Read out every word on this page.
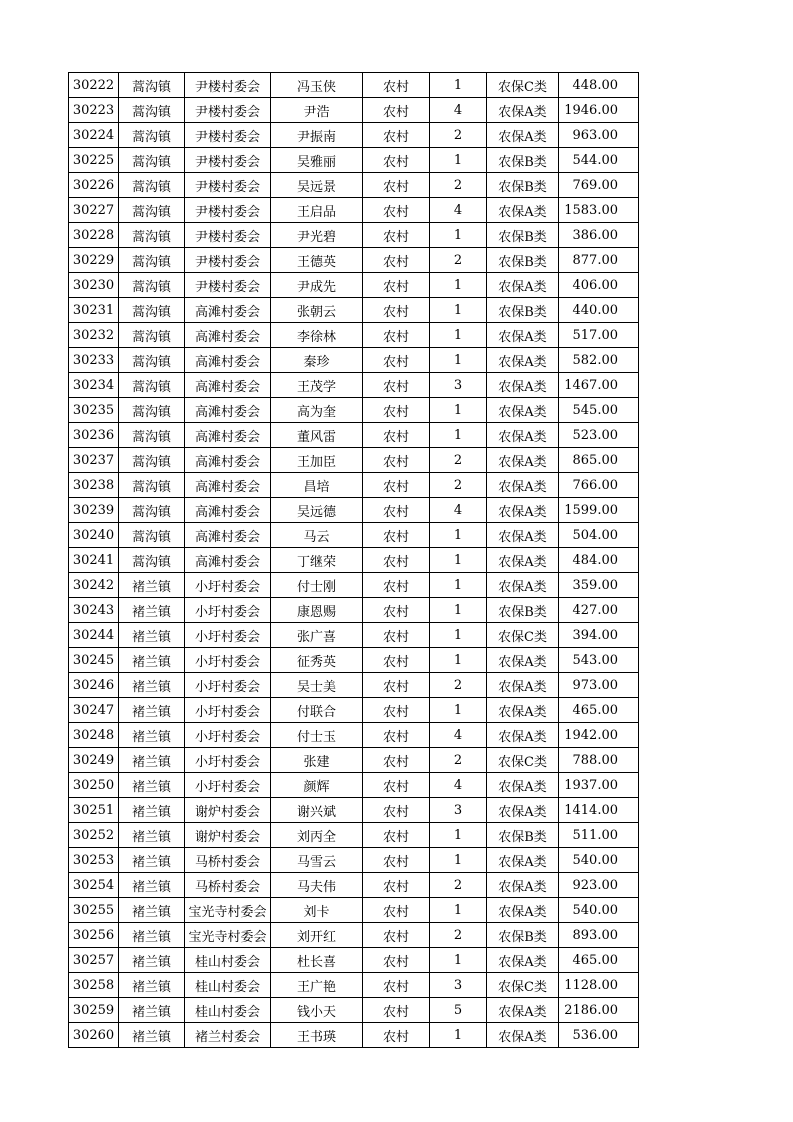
30222	蒿沟镇	尹楼村委会	冯玉侠	农村	1	农保C类	448.00
30223	蒿沟镇	尹楼村委会	尹浩	农村	4	农保A类	1946.00
30224	蒿沟镇	尹楼村委会	尹振南	农村	2	农保A类	963.00
30225	蒿沟镇	尹楼村委会	吴雅丽	农村	1	农保B类	544.00
30226	蒿沟镇	尹楼村委会	吴远景	农村	2	农保B类	769.00
30227	蒿沟镇	尹楼村委会	王启品	农村	4	农保A类	1583.00
30228	蒿沟镇	尹楼村委会	尹光碧	农村	1	农保B类	386.00
30229	蒿沟镇	尹楼村委会	王德英	农村	2	农保B类	877.00
30230	蒿沟镇	尹楼村委会	尹成先	农村	1	农保A类	406.00
30231	蒿沟镇	高滩村委会	张朝云	农村	1	农保B类	440.00
30232	蒿沟镇	高滩村委会	李徐林	农村	1	农保A类	517.00
30233	蒿沟镇	高滩村委会	秦珍	农村	1	农保A类	582.00
30234	蒿沟镇	高滩村委会	王茂学	农村	3	农保A类	1467.00
30235	蒿沟镇	高滩村委会	高为奎	农村	1	农保A类	545.00
30236	蒿沟镇	高滩村委会	董风雷	农村	1	农保A类	523.00
30237	蒿沟镇	高滩村委会	王加臣	农村	2	农保A类	865.00
30238	蒿沟镇	高滩村委会	昌培	农村	2	农保A类	766.00
30239	蒿沟镇	高滩村委会	吴远德	农村	4	农保A类	1599.00
30240	蒿沟镇	高滩村委会	马云	农村	1	农保A类	504.00
30241	蒿沟镇	高滩村委会	丁继荣	农村	1	农保A类	484.00
30242	褚兰镇	小圩村委会	付士刚	农村	1	农保A类	359.00
30243	褚兰镇	小圩村委会	康恩赐	农村	1	农保B类	427.00
30244	褚兰镇	小圩村委会	张广喜	农村	1	农保C类	394.00
30245	褚兰镇	小圩村委会	征秀英	农村	1	农保A类	543.00
30246	褚兰镇	小圩村委会	吴士美	农村	2	农保A类	973.00
30247	褚兰镇	小圩村委会	付联合	农村	1	农保A类	465.00
30248	褚兰镇	小圩村委会	付士玉	农村	4	农保A类	1942.00
30249	褚兰镇	小圩村委会	张建	农村	2	农保C类	788.00
30250	褚兰镇	小圩村委会	颜辉	农村	4	农保A类	1937.00
30251	褚兰镇	谢炉村委会	谢兴斌	农村	3	农保A类	1414.00
30252	褚兰镇	谢炉村委会	刘丙全	农村	1	农保B类	511.00
30253	褚兰镇	马桥村委会	马雪云	农村	1	农保A类	540.00
30254	褚兰镇	马桥村委会	马夫伟	农村	2	农保A类	923.00
30255	褚兰镇	宝光寺村委会	刘卡	农村	1	农保A类	540.00
30256	褚兰镇	宝光寺村委会	刘开红	农村	2	农保B类	893.00
30257	褚兰镇	桂山村委会	杜长喜	农村	1	农保A类	465.00
30258	褚兰镇	桂山村委会	王广艳	农村	3	农保C类	1128.00
30259	褚兰镇	桂山村委会	钱小天	农村	5	农保A类	2186.00
30260	褚兰镇	褚兰村委会	王书瑛	农村	1	农保A类	536.00
